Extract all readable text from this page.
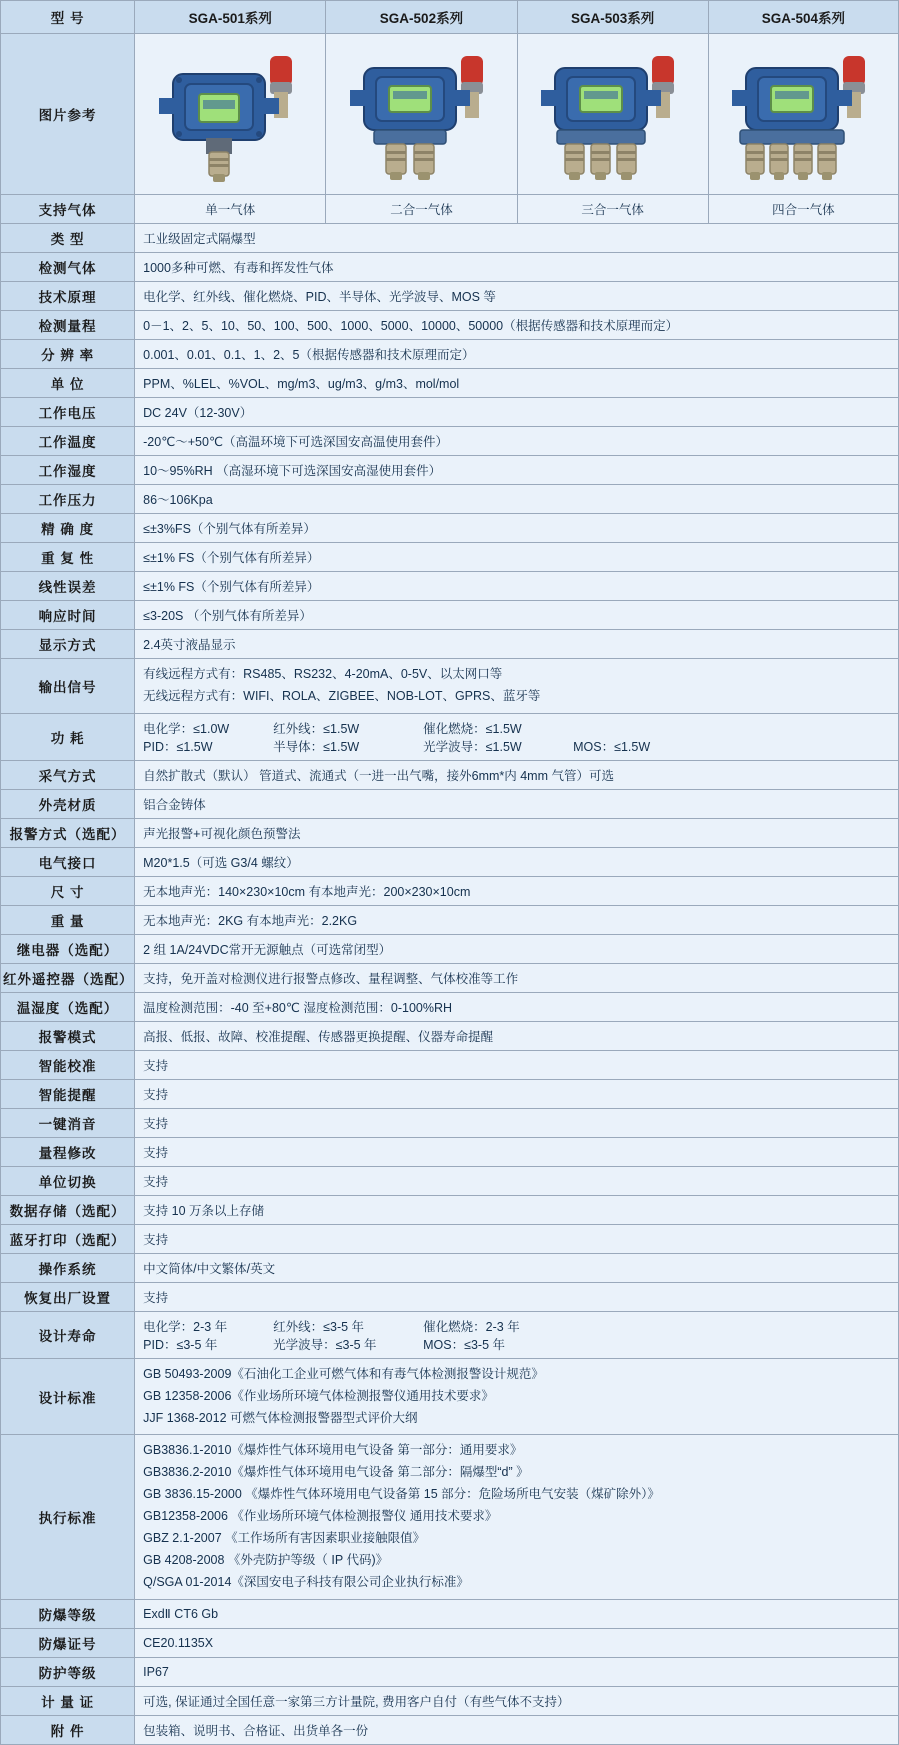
型 号	SGA-501系列	SGA-502系列	SGA-503系列	SGA-504系列
图片参考	

支持气体	单一气体	二合一气体	三合一气体	四合一气体
类 型	工业级固定式隔爆型			
检测气体	1000多种可燃、有毒和挥发性气体			
技术原理	电化学、红外线、催化燃烧、PID、半导体、光学波导、MOS 等			
检测量程	0－1、2、5、10、50、100、500、1000、5000、10000、50000（根据传感器和技术原理而定）			
分 辨 率	0.001、0.01、0.1、1、2、5（根据传感器和技术原理而定）			
单 位	PPM、%LEL、%VOL、mg/m3、ug/m3、g/m3、mol/mol			
工作电压	DC 24V（12-30V）			
工作温度	-20℃～+50℃（高温环境下可选深国安高温使用套件）			
工作湿度	10～95%RH （高湿环境下可选深国安高湿使用套件）			
工作压力	86～106Kpa			
精 确 度	≤±3%FS（个别气体有所差异）			
重 复 性	≤±1% FS（个别气体有所差异）			
线性误差	≤±1% FS（个别气体有所差异）			
响应时间	≤3-20S （个别气体有所差异）			
显示方式	2.4英寸液晶显示			
输出信号	有线远程方式有：RS485、RS232、4-20mA、0-5V、以太网口等
无线远程方式有：WIFI、ROLA、ZIGBEE、NOB-LOT、GPRS、蓝牙等			

功 耗	
电化学：≤1.0W	红外线：≤1.5W	催化燃烧：≤1.5W
PID：≤1.5W	半导体：≤1.5W	光学波导：≤1.5W	MOS：≤1.5W

采气方式	自然扩散式（默认） 管道式、流通式（一进一出气嘴，接外6mm*内 4mm 气管）可选			
外壳材质	铝合金铸体			
报警方式（选配）	声光报警+可视化颜色预警法			
电气接口	M20*1.5（可选 G3/4 螺纹）			
尺 寸	无本地声光：140×230×10cm 有本地声光：200×230×10cm			
重 量	无本地声光：2KG 有本地声光：2.2KG			
继电器（选配）	2 组 1A/24VDC常开无源触点（可选常闭型）			
红外遥控器（选配）	支持，免开盖对检测仪进行报警点修改、量程调整、气体校准等工作			
温湿度（选配）	温度检测范围：-40 至+80℃ 湿度检测范围：0-100%RH			
报警模式	高报、低报、故障、校准提醒、传感器更换提醒、仪器寿命提醒			
智能校准	支持			
智能提醒	支持			
一键消音	支持			
量程修改	支持			
单位切换	支持			
数据存储（选配）	支持 10 万条以上存储			
蓝牙打印（选配）	支持			
操作系统	中文简体/中文繁体/英文			
恢复出厂设置	支持			
设计寿命	
电化学：2-3 年	红外线：≤3-5 年	催化燃烧：2-3 年
PID：≤3-5 年	光学波导：≤3-5 年	MOS：≤3-5 年

设计标准	GB 50493-2009《石油化工企业可燃气体和有毒气体检测报警设计规范》
GB 12358-2006《作业场所环境气体检测报警仪通用技术要求》
JJF 1368-2012 可燃气体检测报警器型式评价大纲			

执行标准	
GB3836.1-2010《爆炸性气体环境用电气设备 第一部分：通用要求》
GB3836.2-2010《爆炸性气体环境用电气设备 第二部分：隔爆型“d” 》
GB 3836.15-2000 《爆炸性气体环境用电气设备第 15 部分：危险场所电气安装（煤矿除外）》
GB12358-2006 《作业场所环境气体检测报警仪 通用技术要求》
GBZ 2.1-2007 《工作场所有害因素职业接触限值》
GB 4208-2008 《外壳防护等级（ IP 代码)》
Q/SGA 01-2014《深国安电子科技有限公司企业执行标准》

防爆等级	ExdⅡ CT6 Gb			
防爆证号	CE20.1135X			
防护等级	IP67			
计 量 证	可选, 保证通过全国任意一家第三方计量院, 费用客户自付（有些气体不支持）			
附 件	包装箱、说明书、合格证、出货单各一份			
